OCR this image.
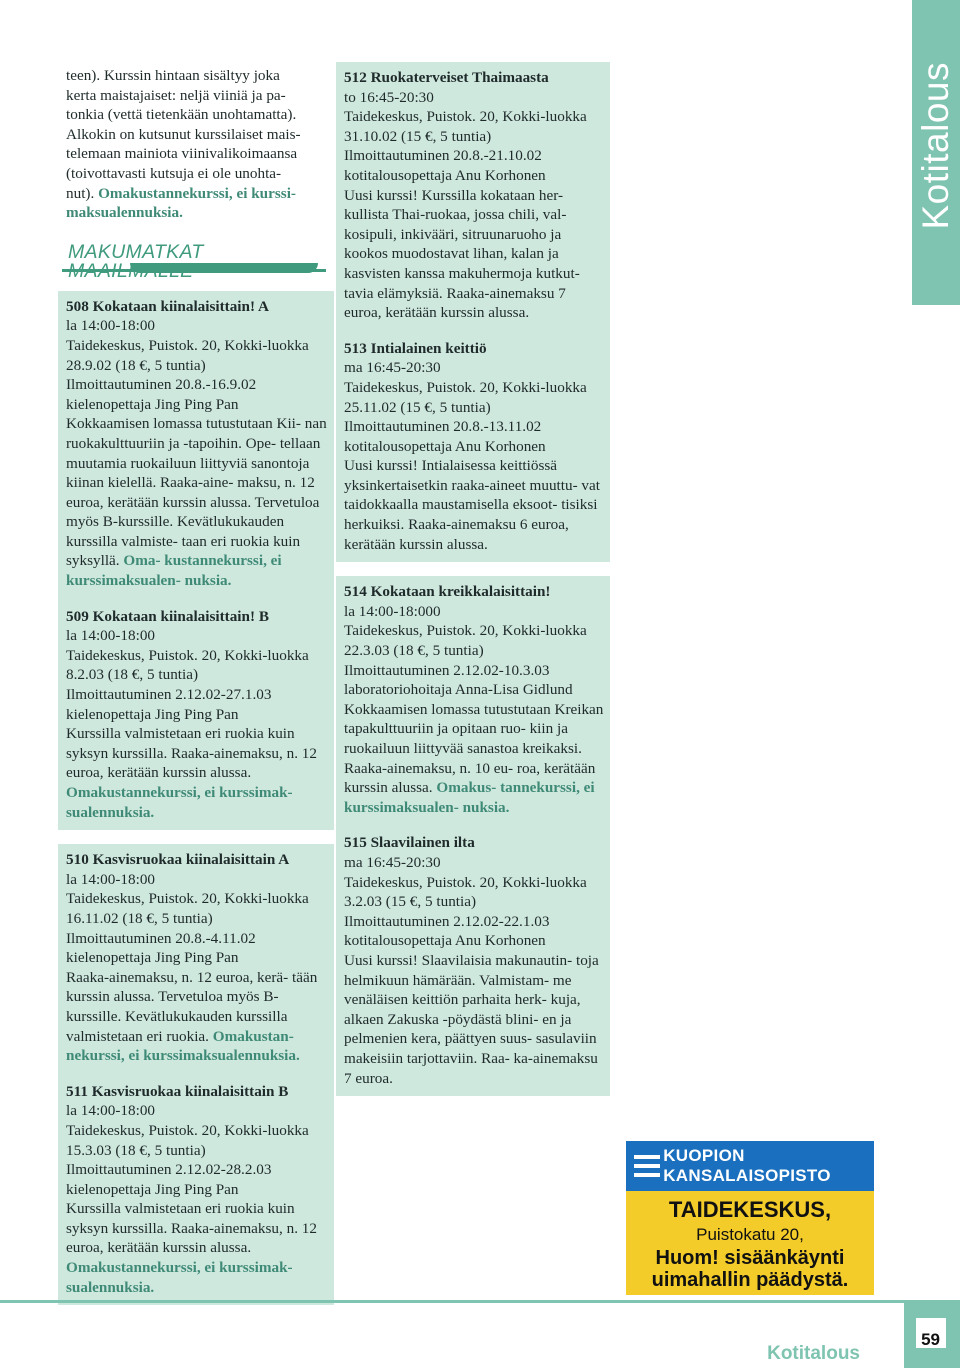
Kotitalous
teen). Kurssin hintaan sisältyy joka
kerta maistajaiset: neljä viiniä ja pa-
tonkia (vettä tietenkään unohtamatta).
Alkokin on kutsunut kurssilaiset mais-
telemaan mainiota viinivalikoimaansa
(toivottavasti kutsuja ei ole unohta-
nut). Omakustannekurssi, ei kurssi- maksualennuksia.
MAKUMATKAT MAAILMALLE
508 Kokataan kiinalaisittain! A
la 14:00-18:00
Taidekeskus, Puistok. 20, Kokki-luokka
28.9.02 (18 €, 5 tuntia)
Ilmoittautuminen 20.8.-16.9.02
kielenopettaja Jing Ping Pan
Kokkaamisen lomassa tutustutaan Kii- nan ruokakulttuuriin ja -tapoihin. Ope- tellaan muutamia ruokailuun liittyviä sanontoja kiinan kielellä. Raaka-aine- maksu, n. 12 euroa, kerätään kurssin alussa. Tervetuloa myös B-kurssille. Kevätlukukauden kurssilla valmiste- taan eri ruokia kuin syksyllä. Oma- kustannekurssi, ei kurssimaksualen- nuksia.
509 Kokataan kiinalaisittain! B
la 14:00-18:00
Taidekeskus, Puistok. 20, Kokki-luokka
8.2.03 (18 €, 5 tuntia)
Ilmoittautuminen 2.12.02-27.1.03
kielenopettaja Jing Ping Pan
Kurssilla valmistetaan eri ruokia kuin syksyn kurssilla. Raaka-ainemaksu, n. 12 euroa, kerätään kurssin alussa.
Omakustannekurssi, ei kurssimak- sualennuksia.
510 Kasvisruokaa kiinalaisittain A
la 14:00-18:00
Taidekeskus, Puistok. 20, Kokki-luokka
16.11.02 (18 €, 5 tuntia)
Ilmoittautuminen 20.8.-4.11.02
kielenopettaja Jing Ping Pan
Raaka-ainemaksu, n. 12 euroa, kerä- tään kurssin alussa. Tervetuloa myös B-kurssille. Kevätlukukauden kurssilla valmistetaan eri ruokia. Omakustan- nekurssi, ei kurssimaksualennuksia.
511 Kasvisruokaa kiinalaisittain B
la 14:00-18:00
Taidekeskus, Puistok. 20, Kokki-luokka
15.3.03 (18 €, 5 tuntia)
Ilmoittautuminen 2.12.02-28.2.03
kielenopettaja Jing Ping Pan
Kurssilla valmistetaan eri ruokia kuin syksyn kurssilla. Raaka-ainemaksu, n. 12 euroa, kerätään kurssin alussa.
Omakustannekurssi, ei kurssimak- sualennuksia.
512 Ruokaterveiset Thaimaasta
to 16:45-20:30
Taidekeskus, Puistok. 20, Kokki-luokka
31.10.02 (15 €, 5 tuntia)
Ilmoittautuminen 20.8.-21.10.02
kotitalousopettaja Anu Korhonen
Uusi kurssi! Kurssilla kokataan her- kullista Thai-ruokaa, jossa chili, val- kosipuli, inkivääri, sitruunaruoho ja kookos muodostavat lihan, kalan ja kasvisten kanssa makuhermoja kutkut- tavia elämyksiä. Raaka-ainemaksu 7 euroa, kerätään kurssin alussa.
513 Intialainen keittiö
ma 16:45-20:30
Taidekeskus, Puistok. 20, Kokki-luokka
25.11.02 (15 €, 5 tuntia)
Ilmoittautuminen 20.8.-13.11.02
kotitalousopettaja Anu Korhonen
Uusi kurssi! Intialaisessa keittiössä yksinkertaisetkin raaka-aineet muuttu- vat taidokkaalla maustamisella eksoot- tisiksi herkuiksi. Raaka-ainemaksu 6 euroa, kerätään kurssin alussa.
514 Kokataan kreikkalaisittain!
la 14:00-18:000
Taidekeskus, Puistok. 20, Kokki-luokka
22.3.03 (18 €, 5 tuntia)
Ilmoittautuminen 2.12.02-10.3.03
laboratoriohoitaja Anna-Lisa Gidlund
Kokkaamisen lomassa tutustutaan Kreikan tapakulttuuriin ja opitaan ruo- kiin ja ruokailuun liittyvää sanastoa kreikaksi. Raaka-ainemaksu, n. 10 eu- roa, kerätään kurssin alussa. Omakus- tannekurssi, ei kurssimaksualen- nuksia.
515 Slaavilainen ilta
ma 16:45-20:30
Taidekeskus, Puistok. 20, Kokki-luokka
3.2.03 (15 €, 5 tuntia)
Ilmoittautuminen 2.12.02-22.1.03
kotitalousopettaja Anu Korhonen
Uusi kurssi! Slaavilaisia makunautin- toja helmikuun hämärään. Valmistam- me venäläisen keittiön parhaita herk- kuja, alkaen Zakuska -pöydästä blini- en ja pelmenien kera, päättyen suus- sasulaviin makeisiin tarjottaviin. Raa- ka-ainemaksu 7 euroa.
KUOPION KANSALAISOPISTO
TAIDEKESKUS,
Puistokatu 20,
Huom! sisäänkäynti
uimahallin päädystä.
59
Kotitalous
